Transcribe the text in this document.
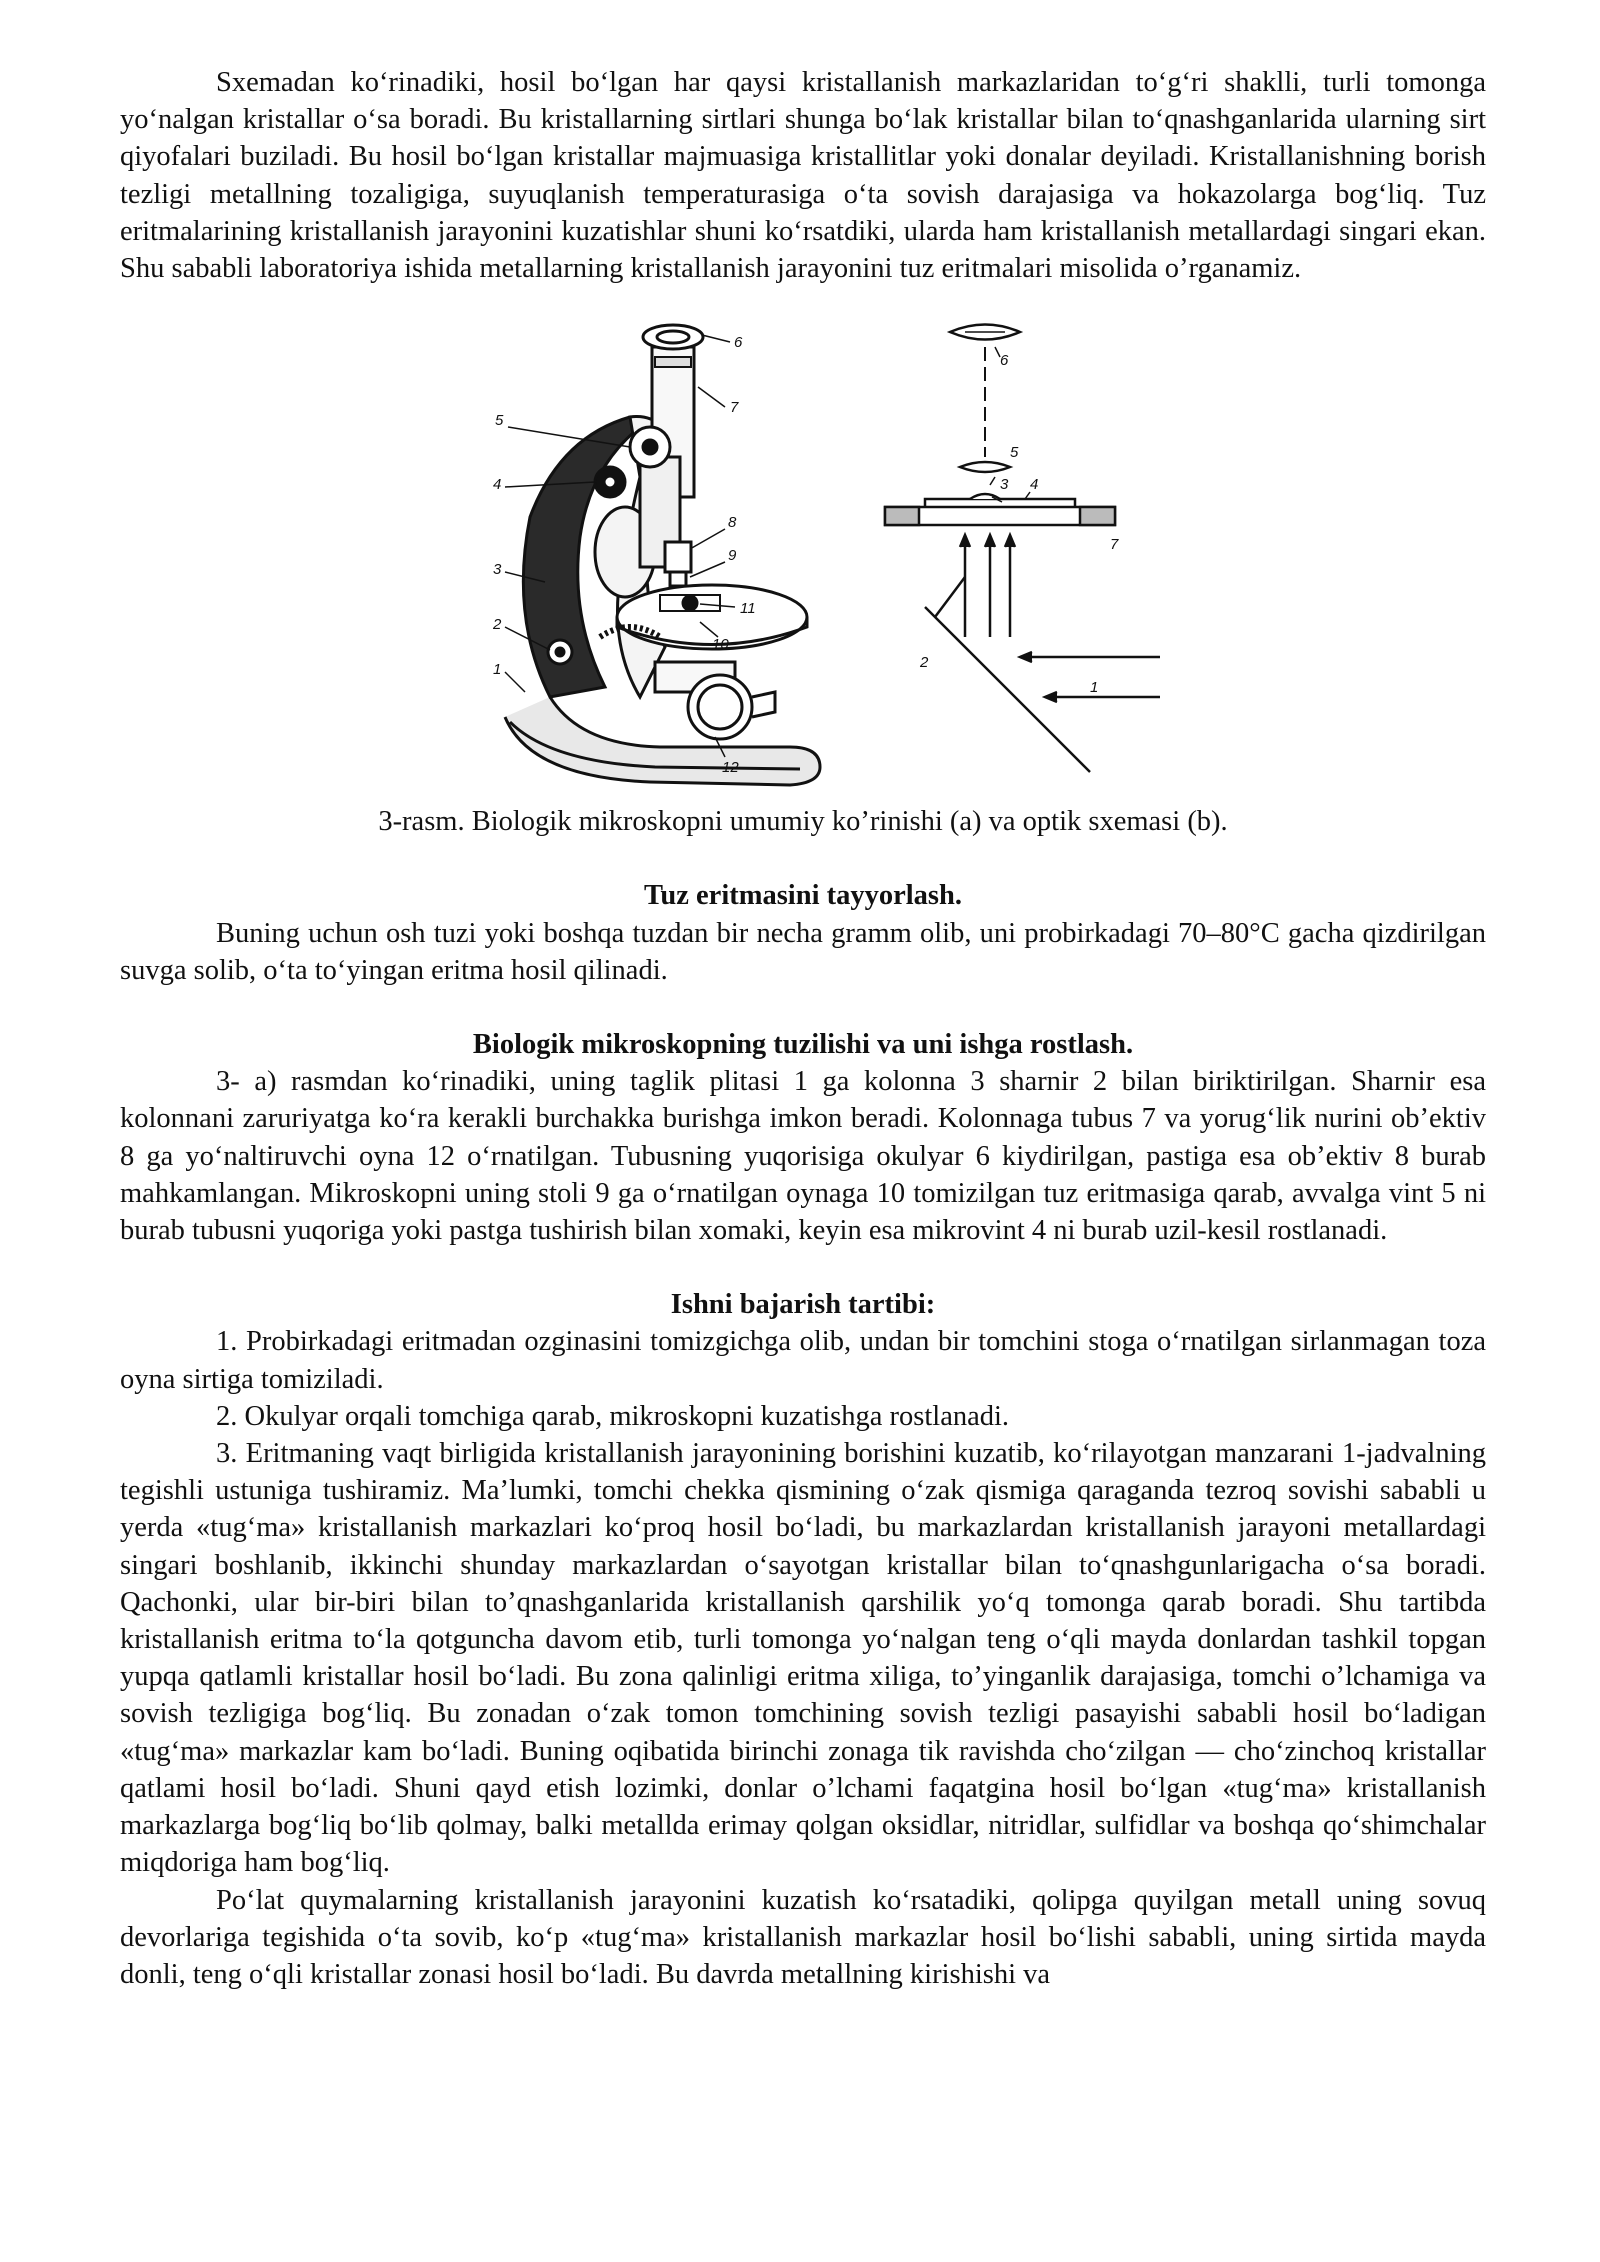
Sxemadan koʻrinadiki, hosil boʻlgan har qaysi kristallanish markazlaridan toʻgʻri shaklli, turli tomonga yoʻnalgan kristallar oʻsa boradi. Bu kristallarning sirtlari shunga boʻlak kristallar bilan toʻqnashganlarida ularning sirt qiyofalari buziladi. Bu hosil boʻlgan kristallar majmuasiga kristallitlar yoki donalar deyiladi. Kristallanishning borish tezligi metallning tozaligiga, suyuqlanish temperaturasiga oʻta sovish darajasiga va hokazolarga bogʻliq. Tuz eritmalarining kristallanish jarayonini kuzatishlar shuni koʻrsatdiki, ularda ham kristallanish metallardagi singari ekan. Shu sababli laboratoriya ishida metallarning kristallanish jarayonini tuz eritmalari misolida o’rganamiz.

6
7
5
4
3
2
1
8
9
11
10
12
6
5
3 4
7
2
1

3-rasm. Biologik mikroskopni umumiy ko’rinishi (a) va optik sxemasi (b).

Tuz eritmasini tayyorlash.

Buning uchun osh tuzi yoki boshqa tuzdan bir necha gramm olib, uni probirkadagi 70–80°C gacha qizdirilgan suvga solib, o‘ta to‘yingan eritma hosil qilinadi.

Biologik mikroskopning tuzilishi va uni ishga rostlash.

3- a) rasmdan koʻrinadiki, uning taglik plitasi 1 ga kolonna 3 sharnir 2 bilan biriktirilgan. Sharnir esa kolonnani zaruriyatga koʻra kerakli burchakka burishga imkon beradi. Kolonnaga tubus 7 va yorugʻlik nurini ob’ektiv 8 ga yoʻnaltiruvchi oyna 12 oʻrnatilgan. Tubusning yuqorisiga okulyar 6 kiydirilgan, pastiga esa ob’ektiv 8 burab mahkamlangan. Mikroskopni uning stoli 9 ga oʻrnatilgan oynaga 10 tomizilgan tuz eritmasiga qarab, avvalga vint 5 ni burab tubusni yuqoriga yoki pastga tushirish bilan xomaki, keyin esa mikrovint 4 ni burab uzil-kesil rostlanadi.

Ishni bajarish tartibi:

1. Probirkadagi eritmadan ozginasini tomizgichga olib, undan bir tomchini stoga oʻrnatilgan sirlanmagan toza oyna sirtiga tomiziladi.

2. Okulyar orqali tomchiga qarab, mikroskopni kuzatishga rostlanadi.

3. Eritmaning vaqt birligida kristallanish jarayonining borishini kuzatib, koʻrilayotgan manzarani 1-jadvalning tegishli ustuniga tushiramiz. Ma’lumki, tomchi chekka qismining oʻzak qismiga qaraganda tezroq sovishi sababli u yerda «tugʻma» kristallanish markazlari koʻproq hosil boʻladi, bu markazlardan kristallanish jarayoni metallardagi singari boshlanib, ikkinchi shunday markazlardan oʻsayotgan kristallar bilan toʻqnashgunlarigacha oʻsa boradi. Qachonki, ular bir-biri bilan to’qnashganlarida kristallanish qarshilik yoʻq tomonga qarab boradi. Shu tartibda kristallanish eritma toʻla qotguncha davom etib, turli tomonga yoʻnalgan teng oʻqli mayda donlardan tashkil topgan yupqa qatlamli kristallar hosil boʻladi. Bu zona qalinligi eritma xiliga, to’yinganlik darajasiga, tomchi o’lchamiga va sovish tezligiga bogʻliq. Bu zonadan oʻzak tomon tomchining sovish tezligi pasayishi sababli hosil boʻladigan «tugʻma» markazlar kam boʻladi. Buning oqibatida birinchi zonaga tik ravishda choʻzilgan — choʻzinchoq kristallar qatlami hosil boʻladi. Shuni qayd etish lozimki, donlar o’lchami faqatgina hosil bo‘lgan «tug‘ma» kristallanish markazlarga bog‘liq bo‘lib qolmay, balki metallda erimay qolgan oksidlar, nitridlar, sulfidlar va boshqa qo‘shimchalar miqdoriga ham bog‘liq.

Poʻlat quymalarning kristallanish jarayonini kuzatish koʻrsatadiki, qolipga quyilgan metall uning sovuq devorlariga tegishida oʻta sovib, koʻp «tugʻma» kristallanish markazlar hosil boʻlishi sababli, uning sirtida mayda donli, teng oʻqli kristallar zonasi hosil boʻladi. Bu davrda metallning kirishishi va
